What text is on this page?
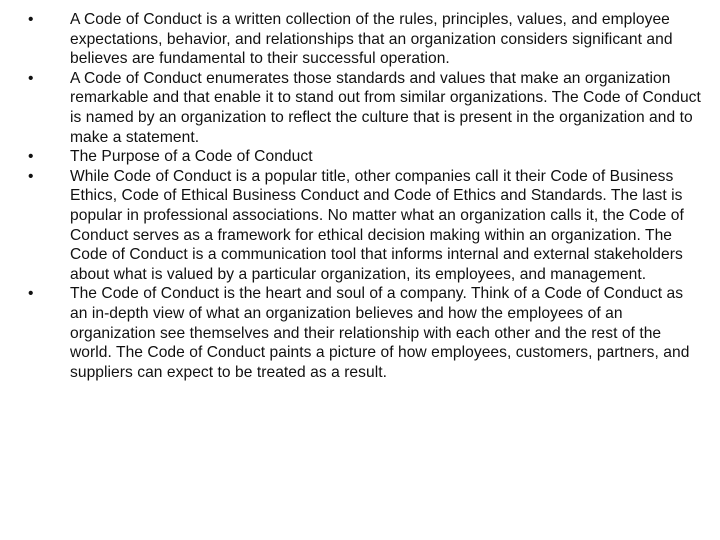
•	A Code of Conduct is a written collection of the rules, principles, values, and employee expectations, behavior, and relationships that an organization considers significant and believes are fundamental to their successful operation.
•	A Code of Conduct enumerates those standards and values that make an organization remarkable and that enable it to stand out from similar organizations. The Code of Conduct is named by an organization to reflect the culture that is present in the organization and to make a statement.
•	The Purpose of a Code of Conduct
•	While Code of Conduct is a popular title, other companies call it their Code of Business Ethics, Code of Ethical Business Conduct and Code of Ethics and Standards. The last is popular in professional associations. No matter what an organization calls it, the Code of Conduct serves as a framework for ethical decision making within an organization. The Code of Conduct is a communication tool that informs internal and external stakeholders about what is valued by a particular organization, its employees, and management.
•	The Code of Conduct is the heart and soul of a company. Think of a Code of Conduct as an in-depth view of what an organization believes and how the employees of an organization see themselves and their relationship with each other and the rest of the world. The Code of Conduct paints a picture of how employees, customers, partners, and suppliers can expect to be treated as a result.
